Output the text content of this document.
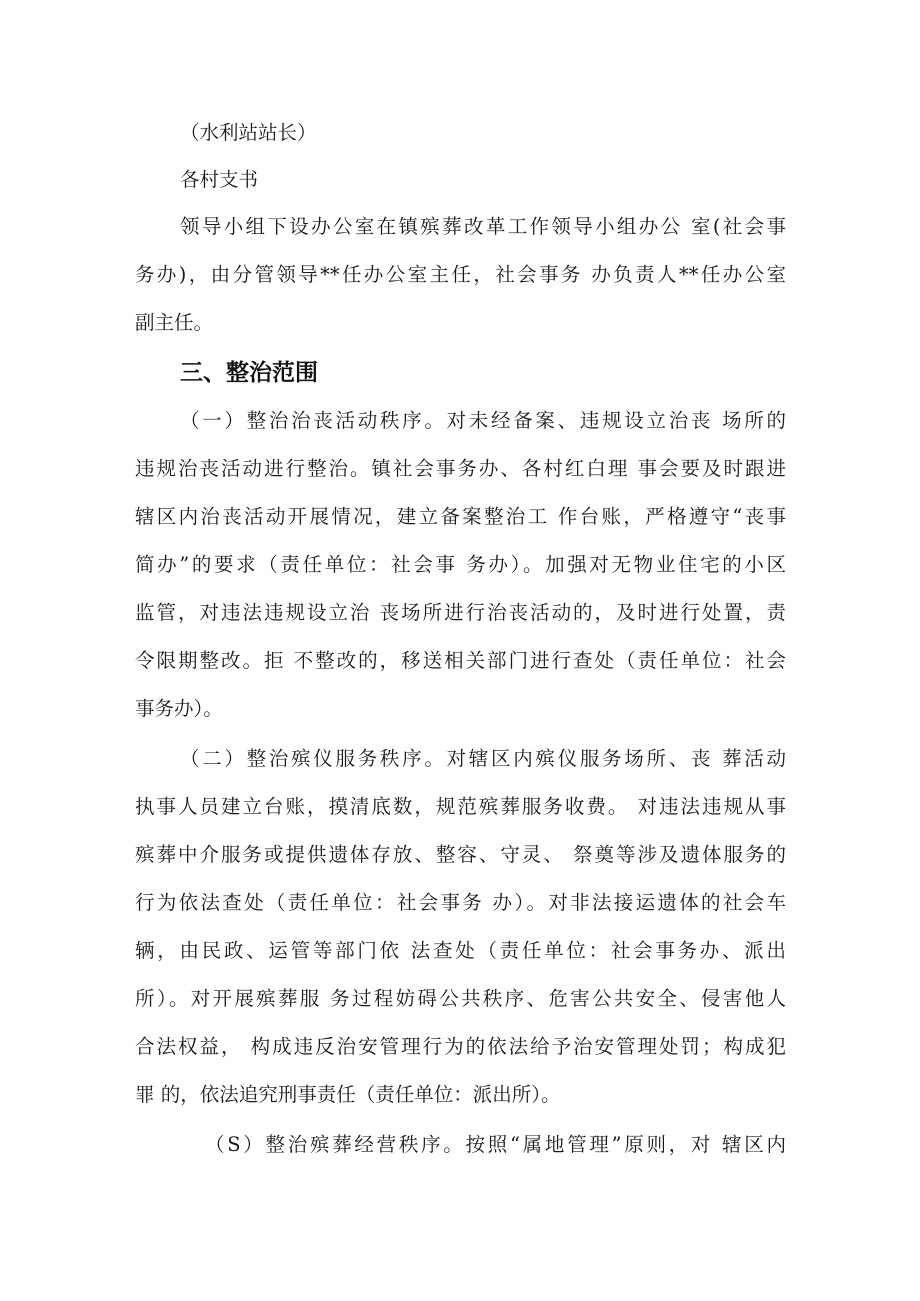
（水利站站长）
各村支书
领导小组下设办公室在镇殡葬改革工作领导小组办公 室(社会事
务办)，由分管领导**任办公室主任，社会事务 办负责人**任办公室
副主任。
三、整治范围
（一）整治治丧活动秩序。对未经备案、违规设立治丧 场所的
违规治丧活动进行整治。镇社会事务办、各村红白理 事会要及时跟进
辖区内治丧活动开展情况，建立备案整治工 作台账，严格遵守“丧事
简办”的要求（责任单位：社会事 务办）。加强对无物业住宅的小区
监管，对违法违规设立治 丧场所进行治丧活动的，及时进行处置，责
令限期整改。拒 不整改的，移送相关部门进行查处（责任单位：社会
事务办）。
（二）整治殡仪服务秩序。对辖区内殡仪服务场所、丧 葬活动
执事人员建立台账，摸清底数，规范殡葬服务收费。 对违法违规从事
殡葬中介服务或提供遗体存放、整容、守灵、 祭奠等涉及遗体服务的
行为依法查处（责任单位：社会事务 办）。对非法接运遗体的社会车
辆，由民政、运管等部门依 法查处（责任单位：社会事务办、派出
所）。对开展殡葬服 务过程妨碍公共秩序、危害公共安全、侵害他人
合法权益， 构成违反治安管理行为的依法给予治安管理处罚；构成犯
罪 的，依法追究刑事责任（责任单位：派出所）。
（S）整治殡葬经营秩序。按照“属地管理”原则，对 辖区内
